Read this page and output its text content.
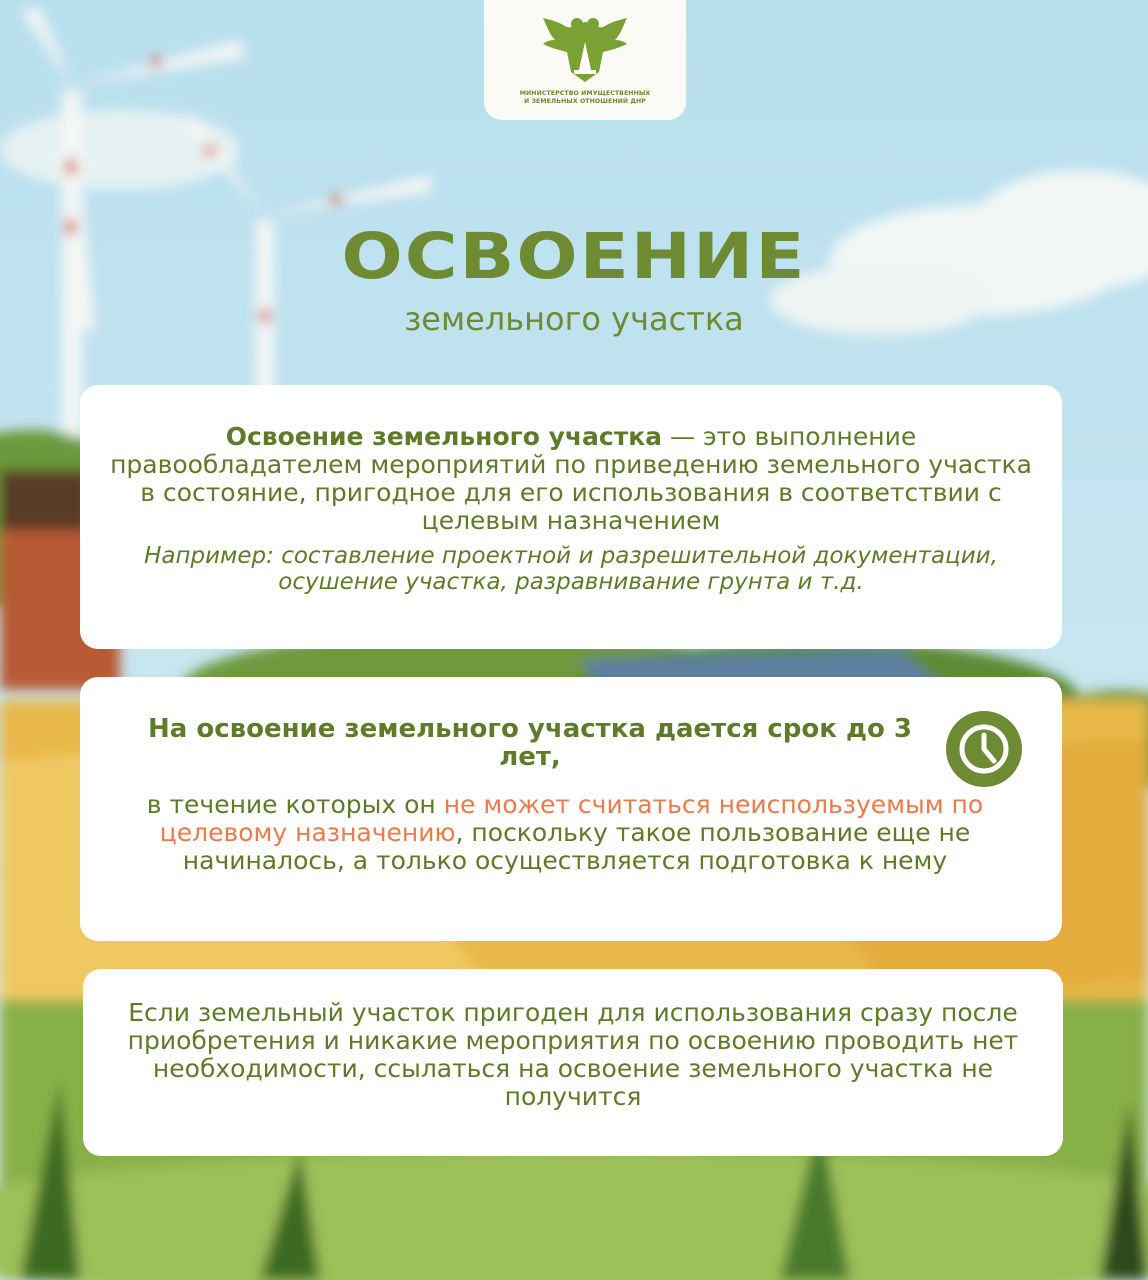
МИНИСТЕРСТВО ИМУЩЕСТВЕННЫХ
И ЗЕМЕЛЬНЫХ ОТНОШЕНИЙ ДНР
ОСВОЕНИЕ
земельного участка
Освоение земельного участка — это выполнение правообладателем мероприятий по приведению земельного участка в состояние, пригодное для его использования в соответствии с целевым назначением
Например: составление проектной и разрешительной документации, осушение участка, разравнивание грунта и т.д.
На освоение земельного участка дается срок до 3 лет,
в течение которых он не может считаться неиспользуемым по целевому назначению, поскольку такое пользование еще не начиналось, а только осуществляется подготовка к нему
Если земельный участок пригоден для использования сразу после приобретения и никакие мероприятия по освоению проводить нет необходимости, ссылаться на освоение земельного участка не получится
